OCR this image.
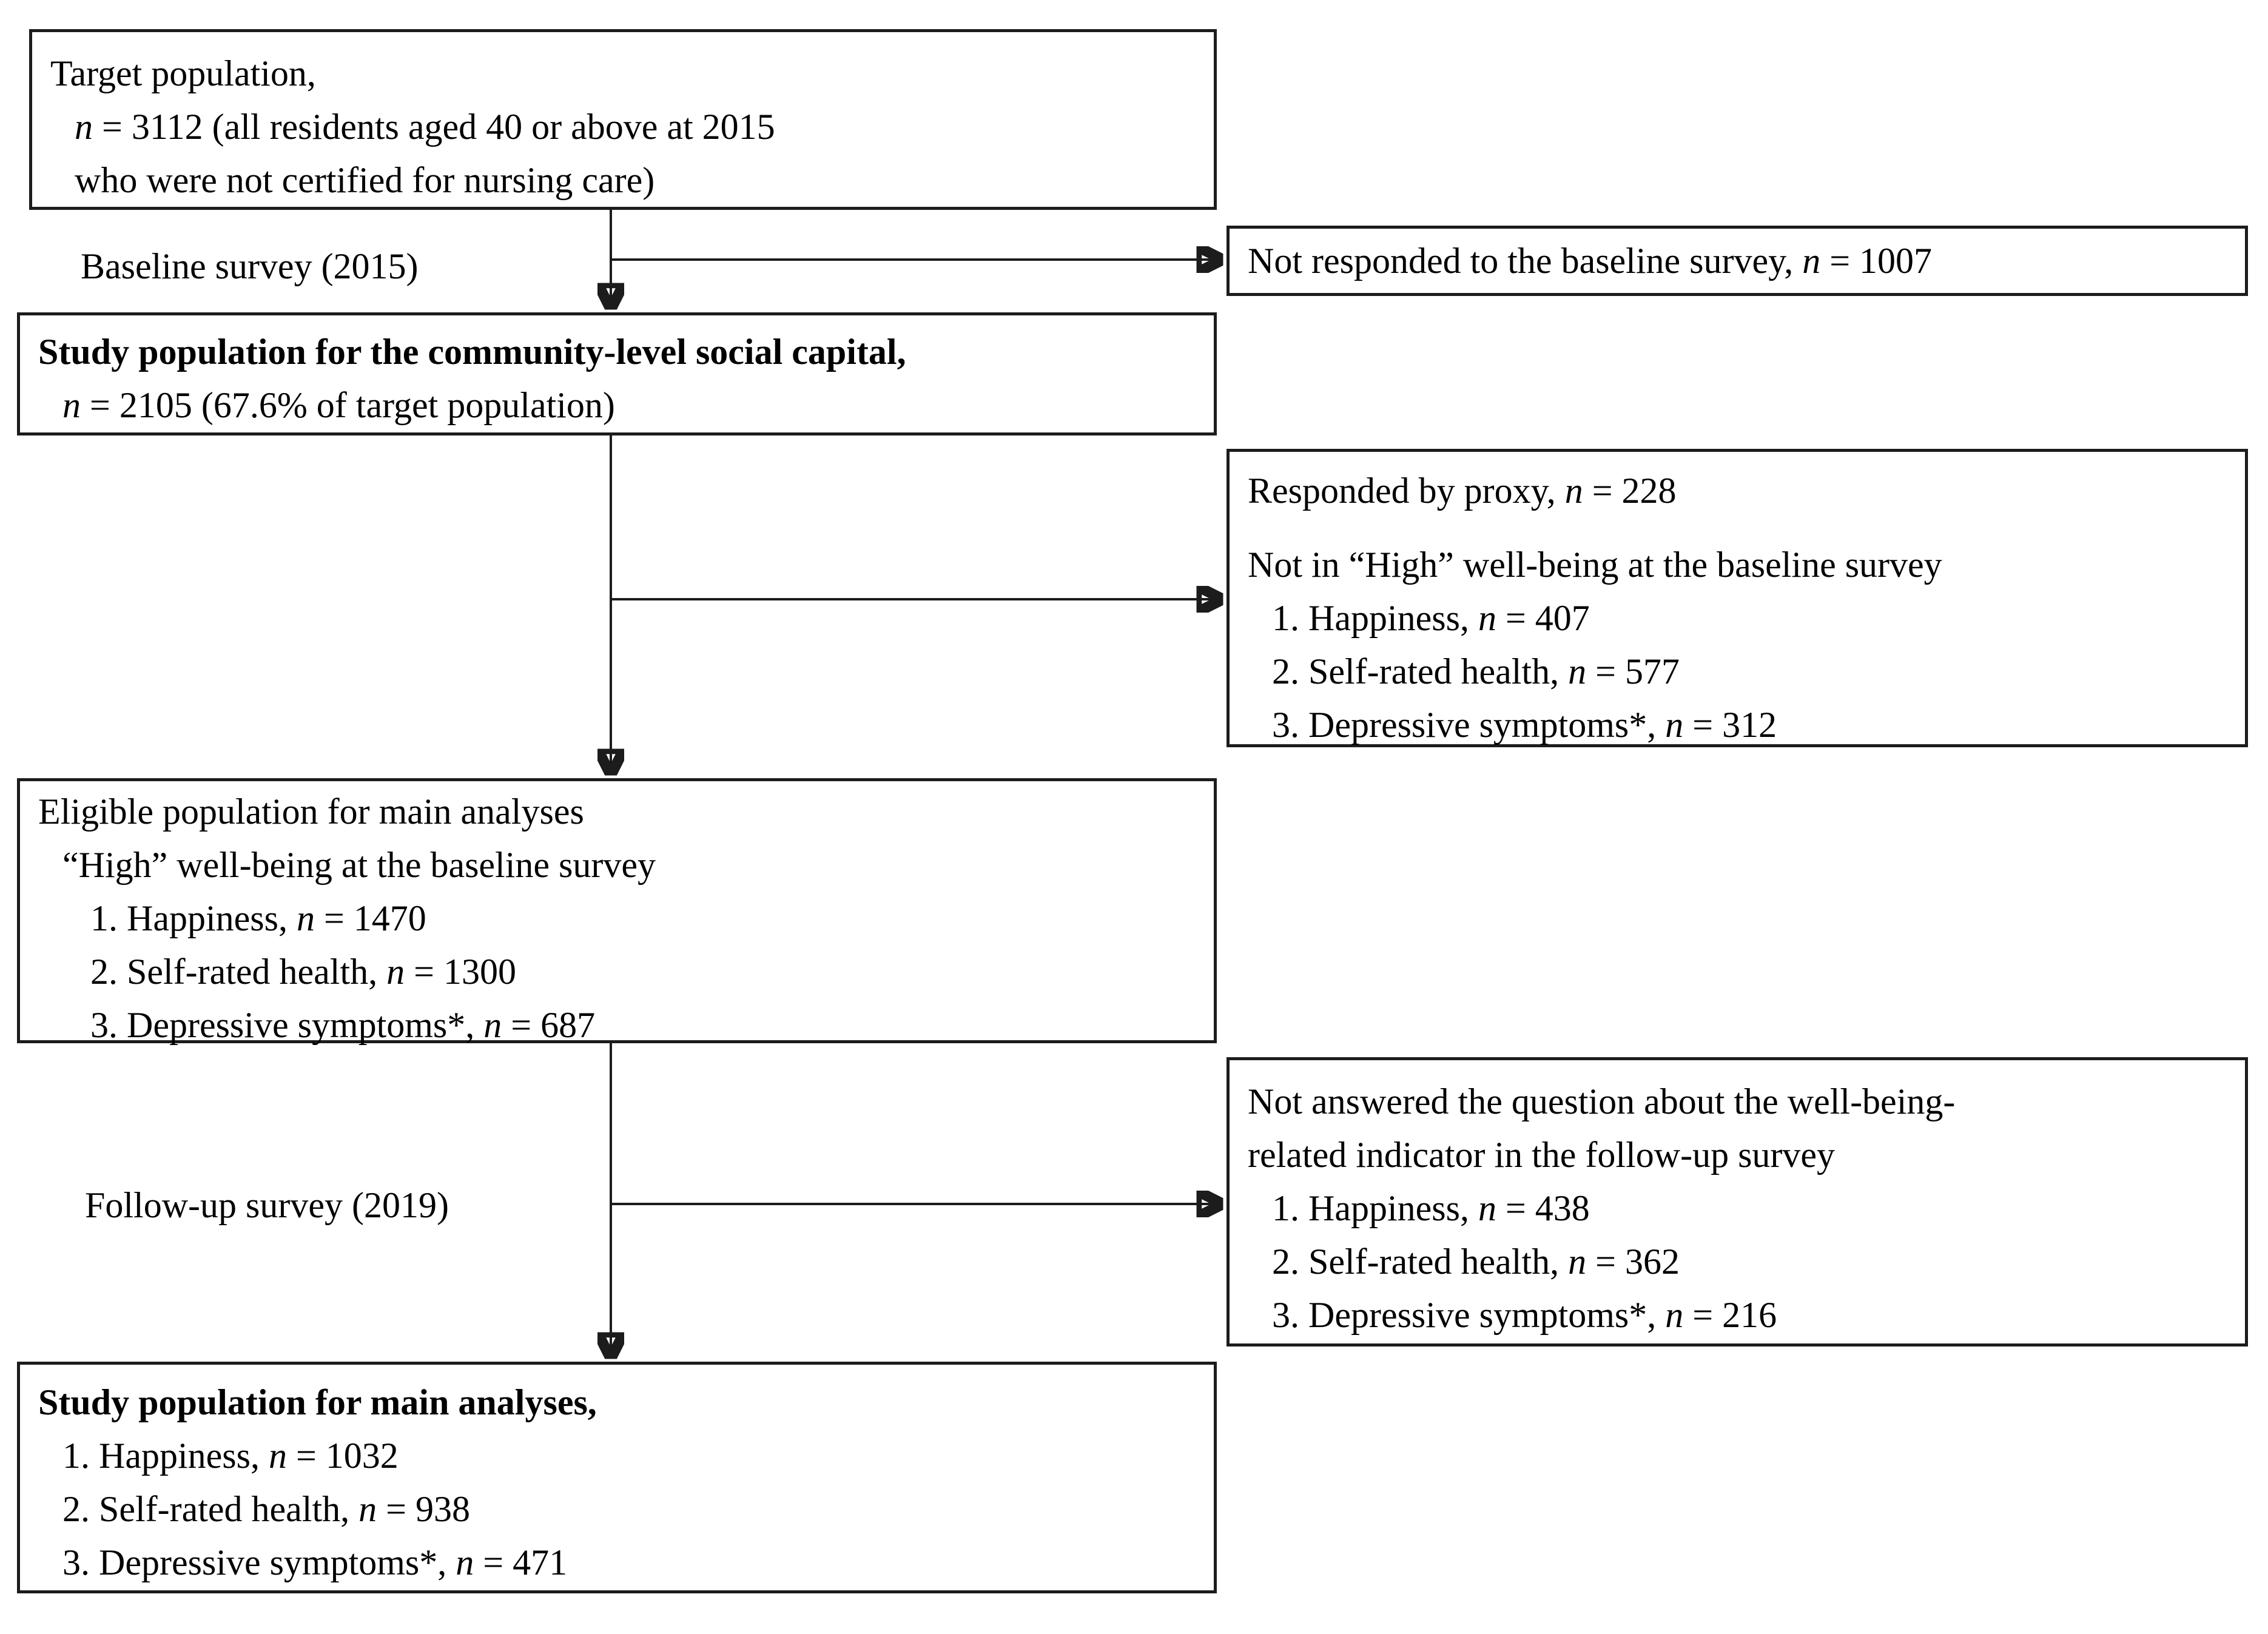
Target population,
n = 3112 (all residents aged 40 or above at 2015
who were not certified for nursing care)
Baseline survey (2015)	Not responded to the baseline survey, n = 1007
Study population for the community-level social capital,
n = 2105 (67.6% of target population)
Responded by proxy, n = 228
Not in “High” well-being at the baseline survey
1. Happiness, n = 407
2. Self-rated health, n = 577
3. Depressive symptoms*, n = 312
Eligible population for main analyses
“High” well-being at the baseline survey
1. Happiness, n = 1470
2. Self-rated health, n = 1300
3. Depressive symptoms*, n = 687
Follow-up survey (2019)
Not answered the question about the well-being-
related indicator in the follow-up survey
1. Happiness, n = 438
2. Self-rated health, n = 362
3. Depressive symptoms*, n = 216
Study population for main analyses,
1. Happiness, n = 1032
2. Self-rated health, n = 938
3. Depressive symptoms*, n = 471
